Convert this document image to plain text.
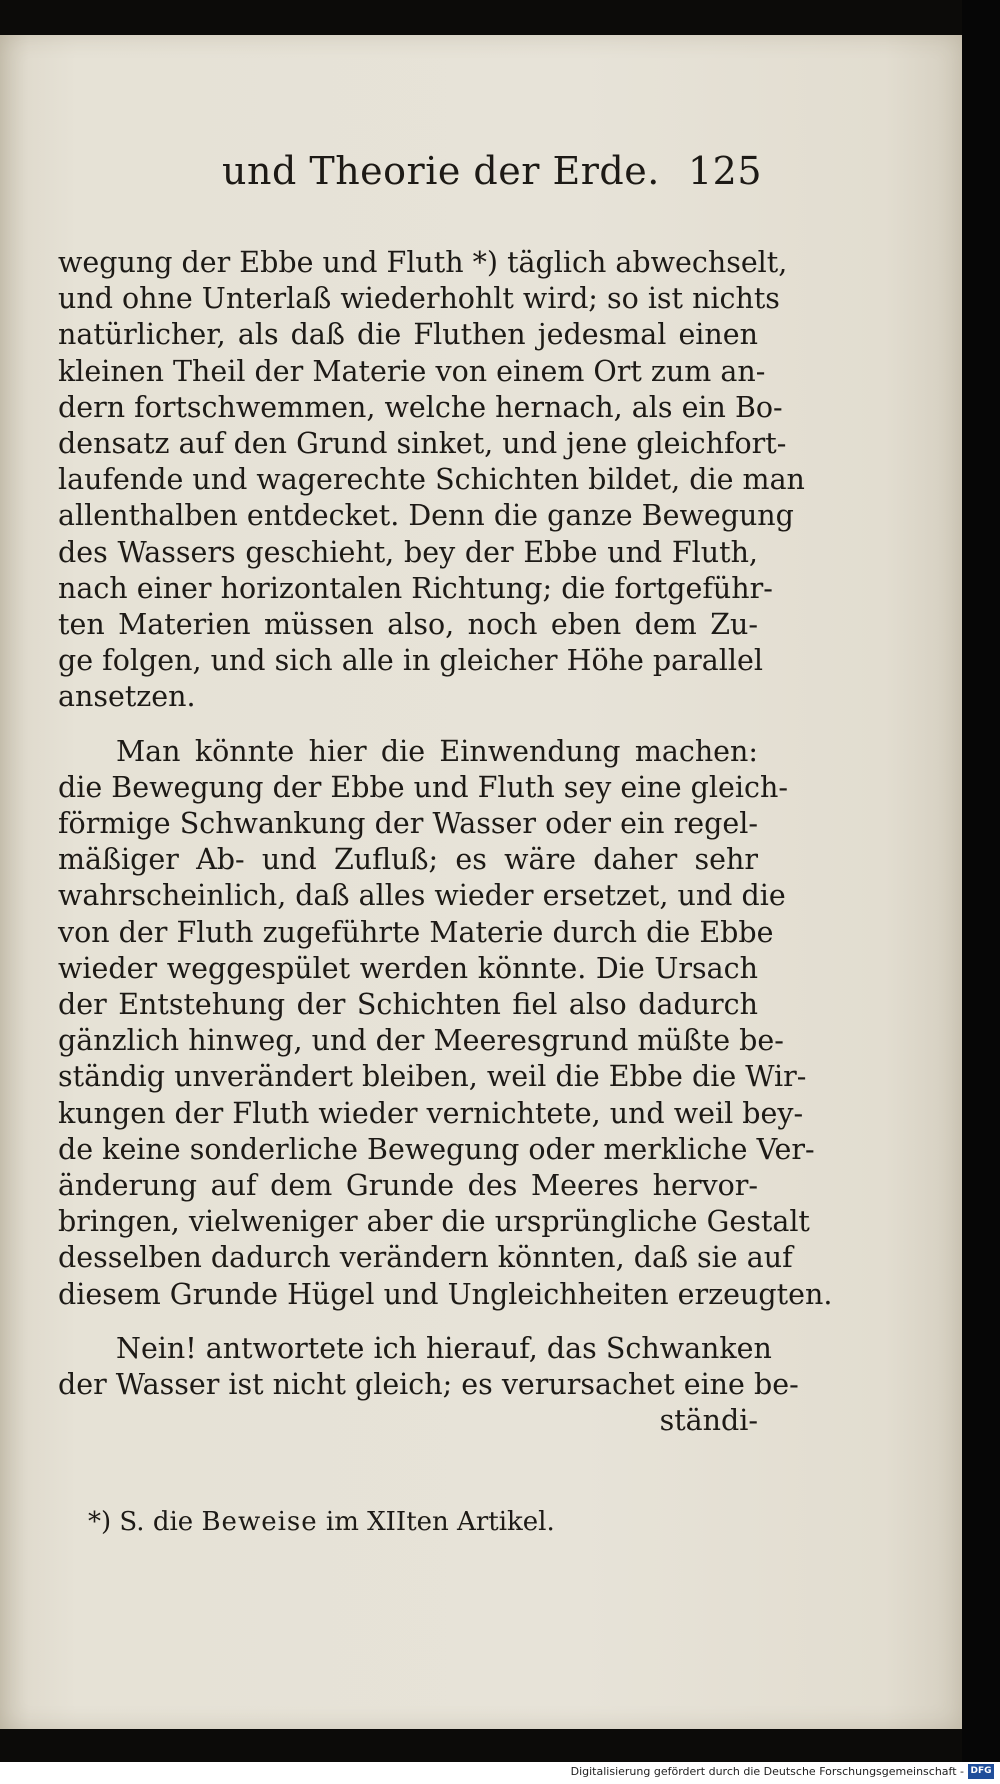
und Theorie der Erde. 125
wegung der Ebbe und Fluth *) täglich abwechselt,
und ohne Unterlaß wiederhohlt wird; so ist nichts
natürlicher, als daß die Fluthen jedesmal einen
kleinen Theil der Materie von einem Ort zum an-
dern fortschwemmen, welche hernach, als ein Bo-
densatz auf den Grund sinket, und jene gleichfort-
laufende und wagerechte Schichten bildet, die man
allenthalben entdecket. Denn die ganze Bewegung
des Wassers geschieht, bey der Ebbe und Fluth,
nach einer horizontalen Richtung; die fortgeführ-
ten Materien müssen also, noch eben dem Zu-
ge folgen, und sich alle in gleicher Höhe parallel
ansetzen.
Man könnte hier die Einwendung machen:
die Bewegung der Ebbe und Fluth sey eine gleich-
förmige Schwankung der Wasser oder ein regel-
mäßiger Ab- und Zufluß; es wäre daher sehr
wahrscheinlich, daß alles wieder ersetzet, und die
von der Fluth zugeführte Materie durch die Ebbe
wieder weggespület werden könnte. Die Ursach
der Entstehung der Schichten fiel also dadurch
gänzlich hinweg, und der Meeresgrund müßte be-
ständig unverändert bleiben, weil die Ebbe die Wir-
kungen der Fluth wieder vernichtete, und weil bey-
de keine sonderliche Bewegung oder merkliche Ver-
änderung auf dem Grunde des Meeres hervor-
bringen, vielweniger aber die ursprüngliche Gestalt
desselben dadurch verändern könnten, daß sie auf
diesem Grunde Hügel und Ungleichheiten erzeugten.
Nein! antwortete ich hierauf, das Schwanken
der Wasser ist nicht gleich; es verursachet eine be-
ständi-
*) S. die Beweise im XIIten Artikel.
Digitalisierung gefördert durch die Deutsche Forschungsgemeinschaft - DFG
